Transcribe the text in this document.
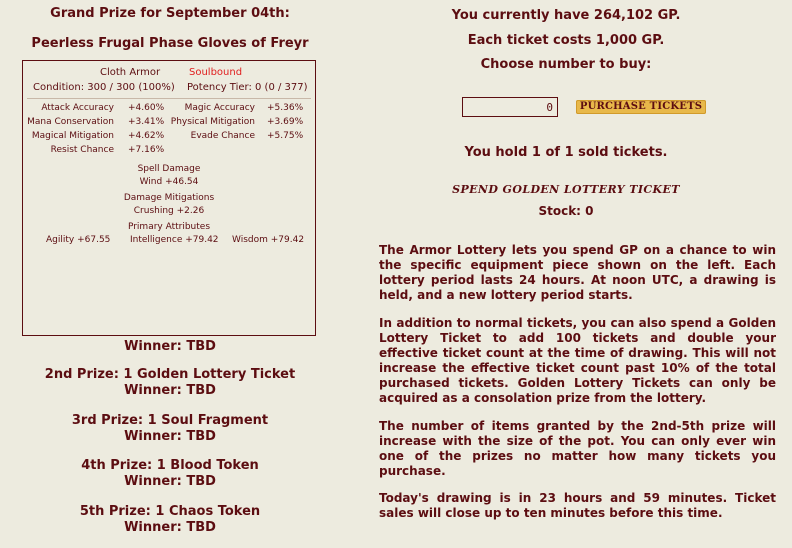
Grand Prize for September 04th:
Peerless Frugal Phase Gloves of Freyr
Cloth Armor	Soulbound
Condition: 300 / 300 (100%) Potency Tier: 0 (0 / 377)
Attack Accuracy +4.60% Magic Accuracy +5.36%
Mana Conservation +3.41% Physical Mitigation +3.69%
Magical Mitigation +4.62%	Evade Chance +5.75%
Resist Chance +7.16%
Spell Damage
Wind +46.54
Damage Mitigations
Crushing +2.26
Primary Attributes
Agility +67.55 Intelligence +79.42 Wisdom +79.42
Winner: TBD
2nd Prize: 1 Golden Lottery Ticket
Winner: TBD
3rd Prize: 1 Soul Fragment
Winner: TBD
4th Prize: 1 Blood Token
Winner: TBD
5th Prize: 1 Chaos Token
Winner: TBD
You currently have 264,102 GP.
Each ticket costs 1,000 GP.
Choose number to buy:
0
PURCHASE TICKETS
You hold 1 of 1 sold tickets.
SPEND GOLDEN LOTTERY TICKET
Stock: 0
The Armor Lottery lets you spend GP on a chance to win the specific equipment piece shown on the left. Each lottery period lasts 24 hours. At noon UTC, a drawing is held, and a new lottery period starts.
In addition to normal tickets, you can also spend a Golden Lottery Ticket to add 100 tickets and double your effective ticket count at the time of drawing. This will not increase the effective ticket count past 10% of the total purchased tickets. Golden Lottery Tickets can only be acquired as a consolation prize from the lottery.
The number of items granted by the 2nd-5th prize will increase with the size of the pot. You can only ever win one of the prizes no matter how many tickets you purchase.
Today's drawing is in 23 hours and 59 minutes. Ticket sales will close up to ten minutes before this time.
